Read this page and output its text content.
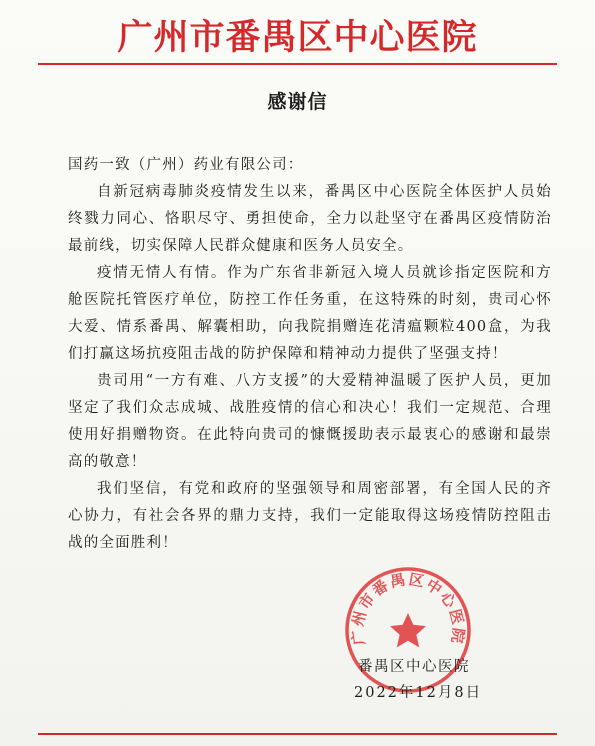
广州市番禺区中心医院
感谢信

国药一致（广州）药业有限公司：

自新冠病毒肺炎疫情发生以来，番禺区中心医院全体医护人员始终戮力同心、恪职尽守、勇担使命，全力以赴坚守在番禺区疫情防治最前线，切实保障人民群众健康和医务人员安全。

疫情无情人有情。作为广东省非新冠入境人员就诊指定医院和方舱医院托管医疗单位，防控工作任务重，在这特殊的时刻，贵司心怀大爱、情系番禺、解囊相助，向我院捐赠连花清瘟颗粒400盒，为我们打赢这场抗疫阻击战的防护保障和精神动力提供了坚强支持！

贵司用“一方有难、八方支援”的大爱精神温暖了医护人员，更加坚定了我们众志成城、战胜疫情的信心和决心！我们一定规范、合理使用好捐赠物资。在此特向贵司的慷慨援助表示最衷心的感谢和最崇高的敬意！

我们坚信，有党和政府的坚强领导和周密部署，有全国人民的齐心协力，有社会各界的鼎力支持，我们一定能取得这场疫情防控阻击战的全面胜利！

广州市番禺区中心医院
番禺区中心医院
2022年12月8日
